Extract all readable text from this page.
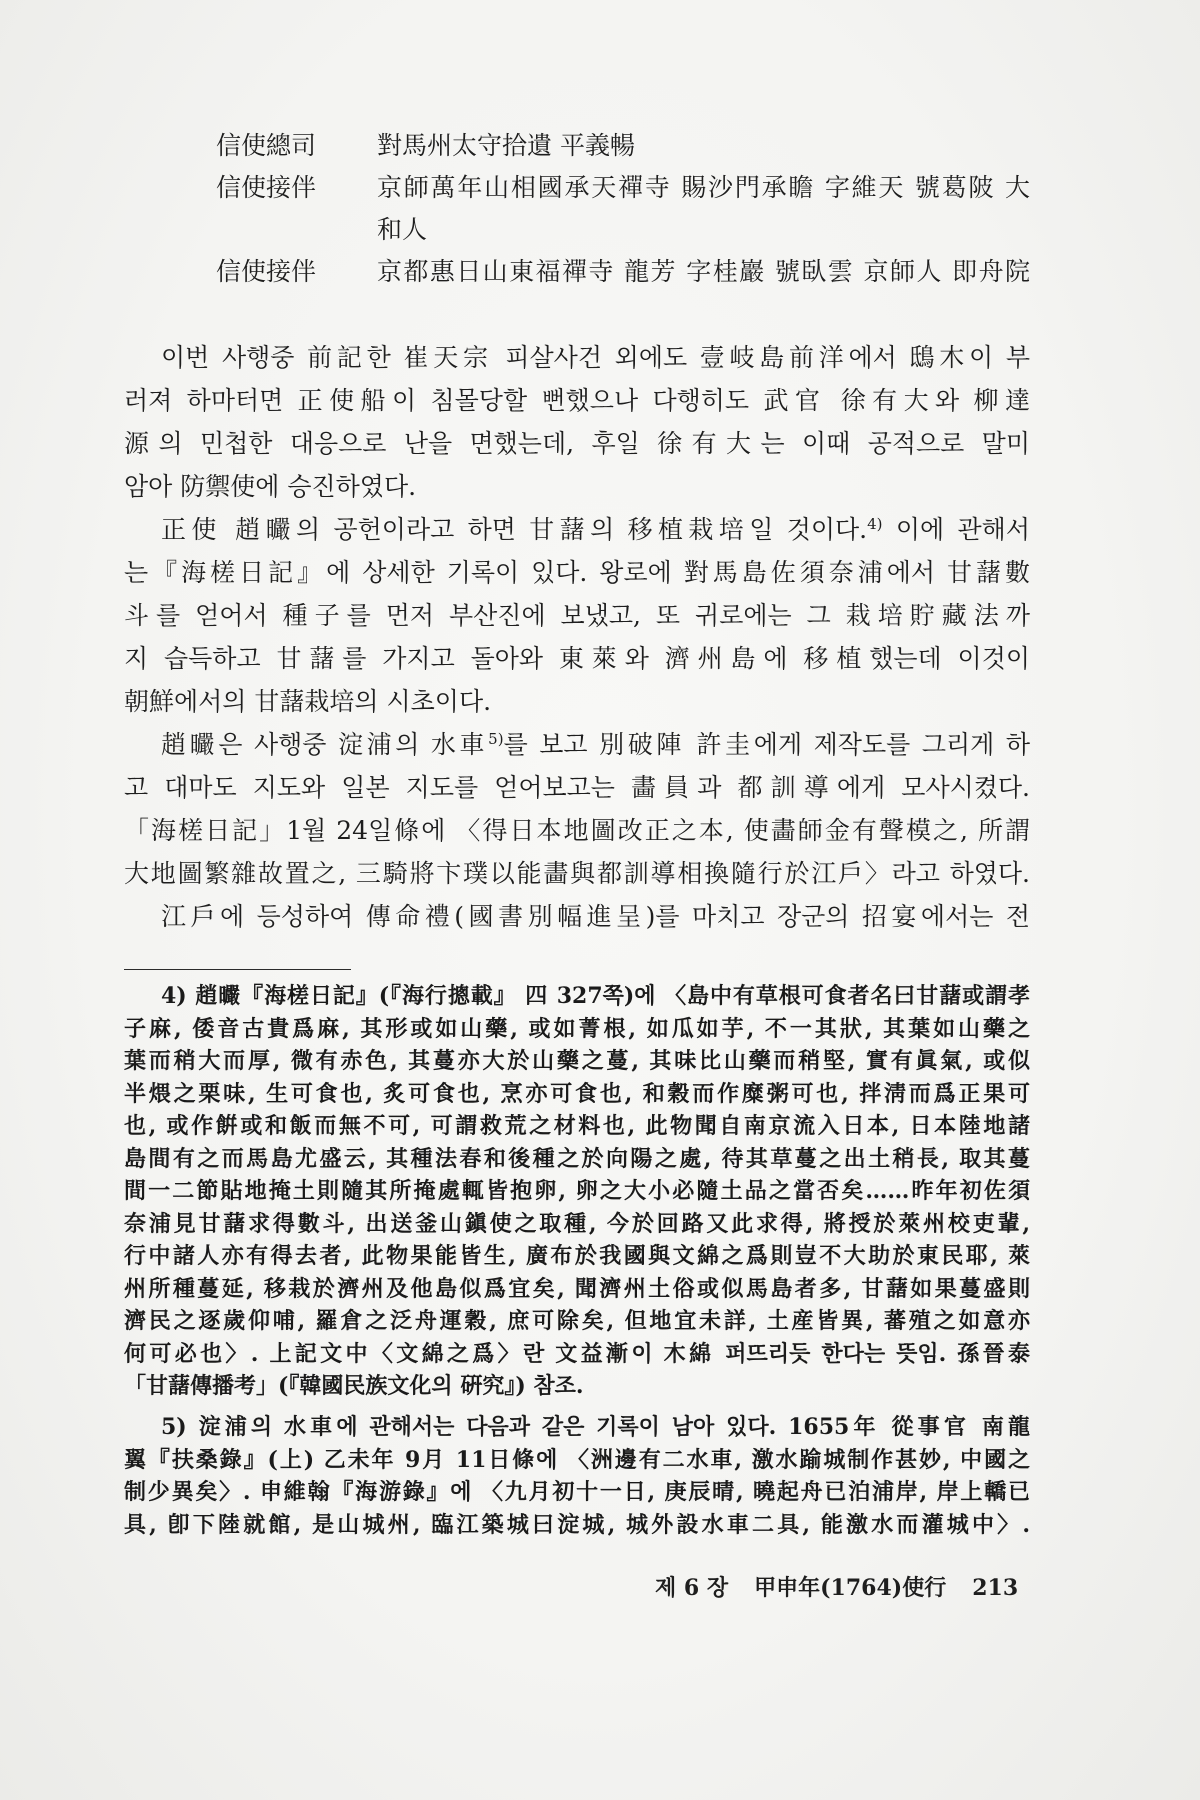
信使總司	對馬州太守拾遺 平義暢
信使接伴	京師萬年山相國承天禪寺 賜沙門承瞻 字維天 號葛陂 大
和人
信使接伴	京都惠日山東福禪寺 龍芳 字桂巖 號臥雲 京師人 即舟院
이번 사행중 前記한 崔天宗 피살사건 외에도 壹岐島前洋에서 鴟木이 부
러져 하마터면 正使船이 침몰당할 뻔했으나 다행히도 武官 徐有大와 柳達
源의 민첩한 대응으로 난을 면했는데, 후일 徐有大는 이때 공적으로 말미
암아 防禦使에 승진하였다.
正使 趙曮의 공헌이라고 하면 甘藷의 移植栽培일 것이다.$^{4)}$ 이에 관해서
는『海槎日記』에 상세한 기록이 있다. 왕로에 對馬島佐須奈浦에서 甘藷數
斗를 얻어서 種子를 먼저 부산진에 보냈고, 또 귀로에는 그 栽培貯藏法까
지 습득하고 甘藷를 가지고 돌아와 東萊와 濟州島에 移植했는데 이것이
朝鮮에서의 甘藷栽培의 시초이다.
趙曮은 사행중 淀浦의 水車$^{5)}$를 보고 別破陣 許圭에게 제작도를 그리게 하
고 대마도 지도와 일본 지도를 얻어보고는 畵員과 都訓導에게 모사시켰다.
「海槎日記」1월 24일條에 〈得日本地圖改正之本, 使畵師金有聲模之, 所謂
大地圖繁雜故置之, 三騎將卞璞以能畵與都訓導相換隨行於江戶〉라고 하였다.
江戶에 등성하여 傳命禮(國書別幅進呈)를 마치고 장군의 招宴에서는 전
4) 趙曮『海槎日記』(『海行摠載』 四 327쪽)에 〈島中有草根可食者名曰甘藷或謂孝
子麻, 倭音古貴爲麻, 其形或如山藥, 或如菁根, 如瓜如芋, 不一其狀, 其葉如山藥之
葉而稍大而厚, 微有赤色, 其蔓亦大於山藥之蔓, 其味比山藥而稍堅, 實有眞氣, 或似
半煨之栗味, 生可食也, 炙可食也, 烹亦可食也, 和穀而作糜粥可也, 拌淸而爲正果可
也, 或作餠或和飯而無不可, 可謂救荒之材料也, 此物聞自南京流入日本, 日本陸地諸
島間有之而馬島尤盛云, 其種法春和後種之於向陽之處, 待其草蔓之出土稍長, 取其蔓
間一二節貼地掩土則隨其所掩處輒皆抱卵, 卵之大小必隨土品之當否矣……昨年初佐須
奈浦見甘藷求得數斗, 出送釜山鎭使之取種, 今於回路又此求得, 將授於萊州校吏輩,
行中諸人亦有得去者, 此物果能皆生, 廣布於我國與文綿之爲則豈不大助於東民耶, 萊
州所種蔓延, 移栽於濟州及他島似爲宜矣, 聞濟州土俗或似馬島者多, 甘藷如果蔓盛則
濟民之逐歲仰哺, 羅倉之泛舟運穀, 庶可除矣, 但地宜未詳, 土産皆異, 蕃殖之如意亦
何可必也〉. 上記文中〈文綿之爲〉란 文益漸이 木綿 퍼뜨리듯 한다는 뜻임. 孫晉泰
「甘藷傳播考」(『韓國民族文化의 硏究』) 참조.
5) 淀浦의 水車에 관해서는 다음과 같은 기록이 남아 있다. 1655年 從事官 南龍
翼『扶桑錄』(上) 乙未年 9月 11日條에 〈洲邊有二水車, 激水踰城制作甚妙, 中國之
制少異矣〉. 申維翰『海游錄』에 〈九月初十一日, 庚辰晴, 曉起舟已泊浦岸, 岸上轎已
具, 卽下陸就館, 是山城州, 臨江築城曰淀城, 城外設水車二具, 能激水而灌城中〉.
제 6 장 甲申年(1764)使行 213
